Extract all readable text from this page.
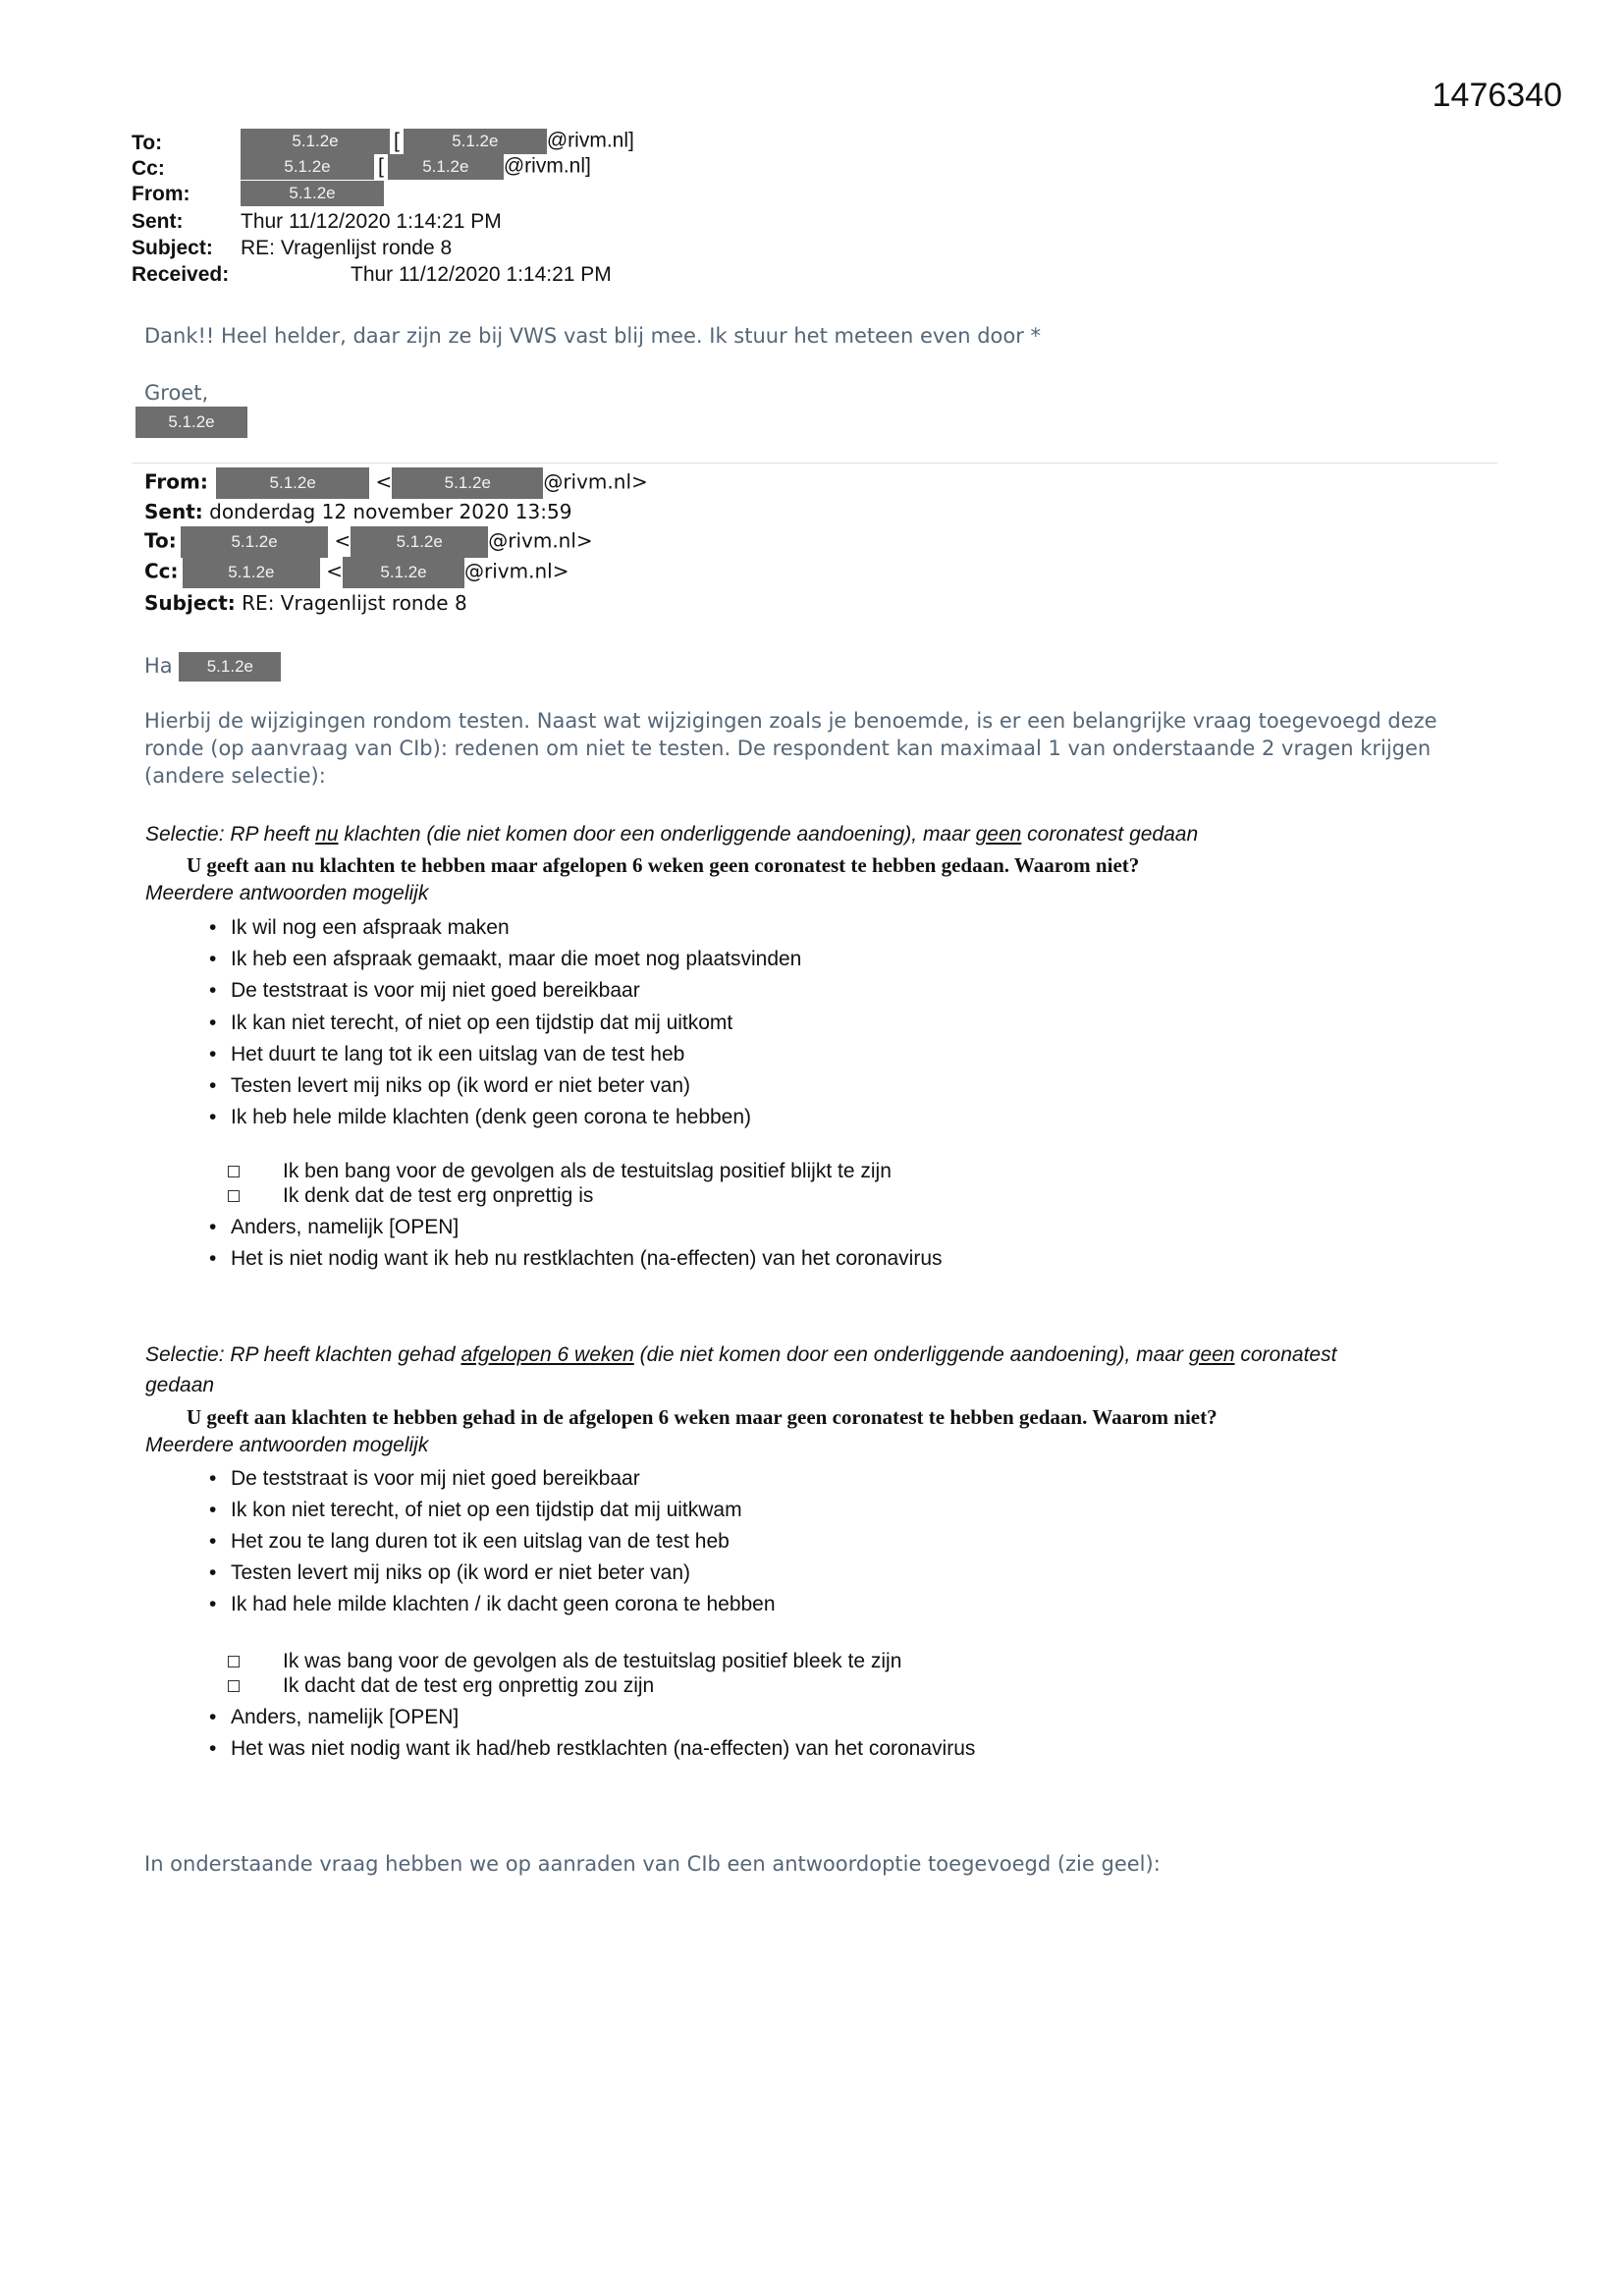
1476340
To:	5.1.2e	[	5.1.2e @rivm.nl]
Cc:	5.1.2e [ 5.1.2e @rivm.nl]
From:	5.1.2e
Sent:	Thur 11/12/2020 1:14:21 PM
Subject: RE: Vragenlijst ronde 8
Received:	Thur 11/12/2020 1:14:21 PM
Dank!! Heel helder, daar zijn ze bij VWS vast blij mee. Ik stuur het meteen even door *
Groet,
5.1.2e
From:	5.1.2e	<	5.1.2e	@rivm.nl>
Sent: donderdag 12 november 2020 13:59
To:	5.1.2e	<	5.1.2e @rivm.nl>
Cc:	5.1.2e	< 5.1.2e @rivm.nl>
Subject: RE: Vragenlijst ronde 8
Ha 5.1.2e
Hierbij de wijzigingen rondom testen. Naast wat wijzigingen zoals je benoemde, is er een belangrijke vraag toegevoegd deze ronde (op aanvraag van CIb): redenen om niet te testen. De respondent kan maximaal 1 van onderstaande 2 vragen krijgen (andere selectie):
Selectie: RP heeft nu klachten (die niet komen door een onderliggende aandoening), maar geen coronatest gedaan
U geeft aan nu klachten te hebben maar afgelopen 6 weken geen coronatest te hebben gedaan. Waarom niet?
Meerdere antwoorden mogelijk
• Ik wil nog een afspraak maken
• Ik heb een afspraak gemaakt, maar die moet nog plaatsvinden
• De teststraat is voor mij niet goed bereikbaar
• Ik kan niet terecht, of niet op een tijdstip dat mij uitkomt
• Het duurt te lang tot ik een uitslag van de test heb
• Testen levert mij niks op (ik word er niet beter van)
• Ik heb hele milde klachten (denk geen corona te hebben)
Ik ben bang voor de gevolgen als de testuitslag positief blijkt te zijn
Ik denk dat de test erg onprettig is
• Anders, namelijk [OPEN]
• Het is niet nodig want ik heb nu restklachten (na-effecten) van het coronavirus
Selectie: RP heeft klachten gehad afgelopen 6 weken (die niet komen door een onderliggende aandoening), maar geen coronatest
gedaan
U geeft aan klachten te hebben gehad in de afgelopen 6 weken maar geen coronatest te hebben gedaan. Waarom niet?
Meerdere antwoorden mogelijk
• De teststraat is voor mij niet goed bereikbaar
• Ik kon niet terecht, of niet op een tijdstip dat mij uitkwam
• Het zou te lang duren tot ik een uitslag van de test heb
• Testen levert mij niks op (ik word er niet beter van)
• Ik had hele milde klachten / ik dacht geen corona te hebben
Ik was bang voor de gevolgen als de testuitslag positief bleek te zijn
Ik dacht dat de test erg onprettig zou zijn
• Anders, namelijk [OPEN]
• Het was niet nodig want ik had/heb restklachten (na-effecten) van het coronavirus
In onderstaande vraag hebben we op aanraden van CIb een antwoordoptie toegevoegd (zie geel):
